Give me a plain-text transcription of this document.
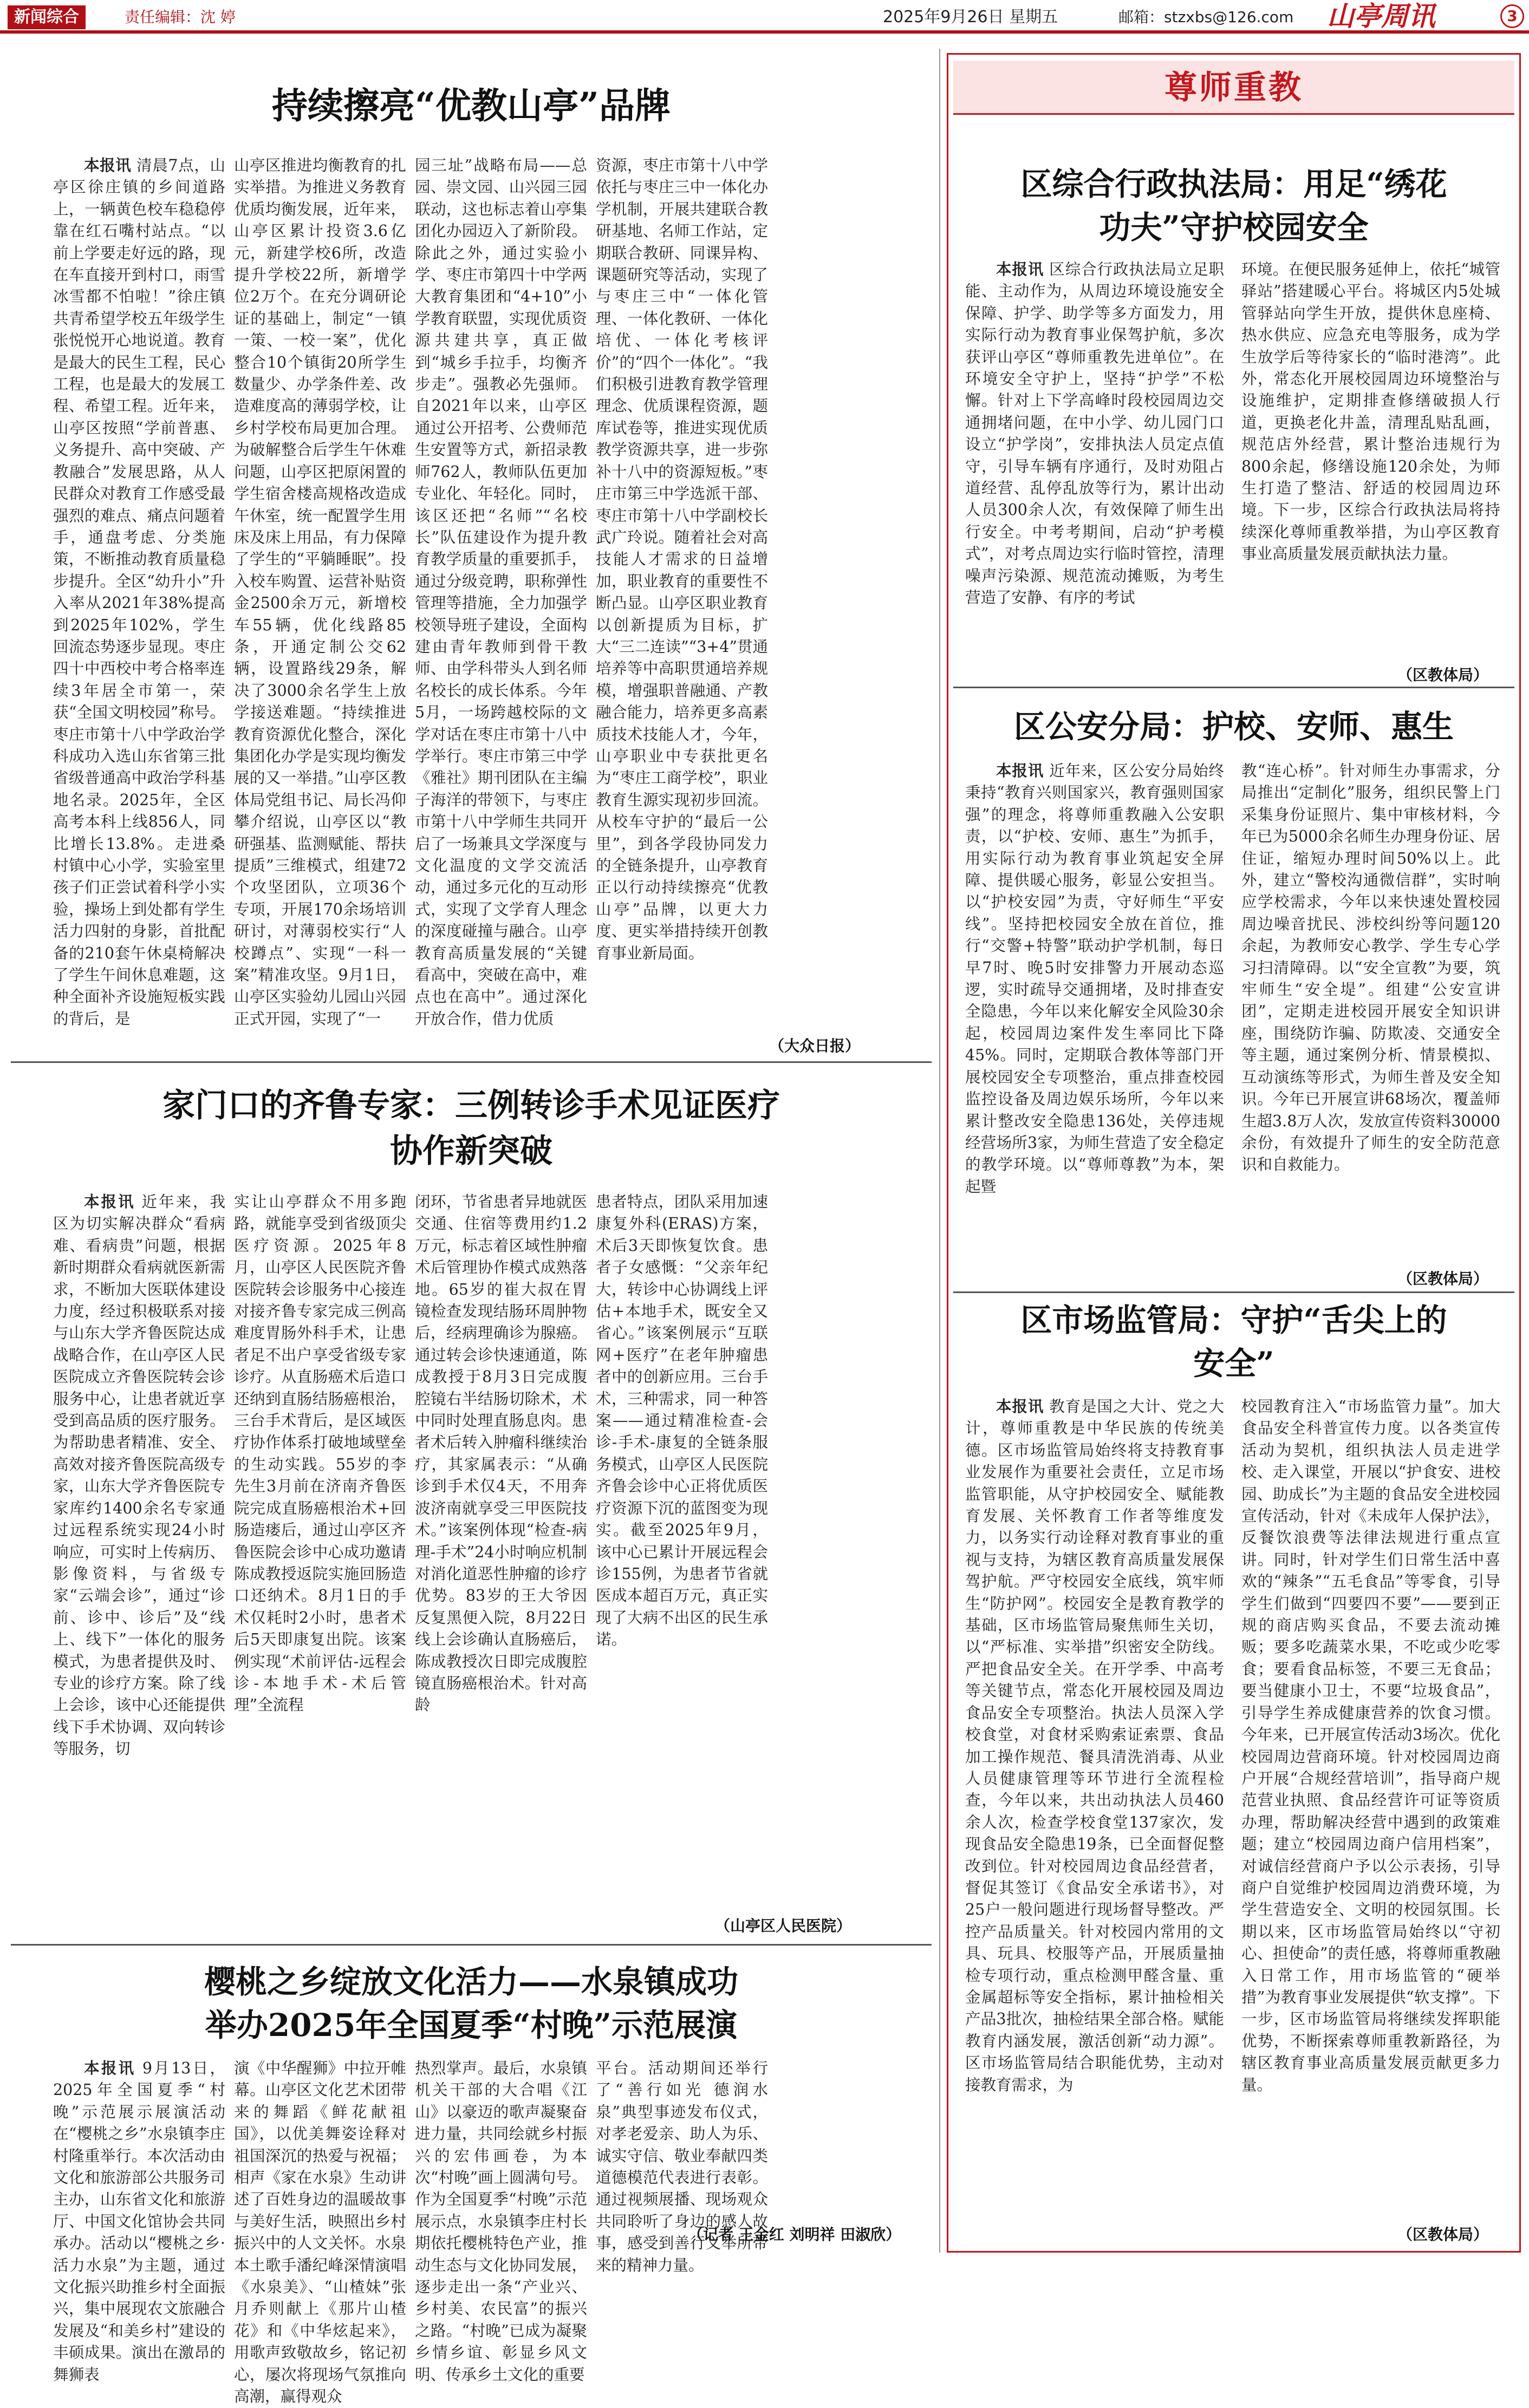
新闻综合	责任编辑：沈 婷	2025年9月26日 星期五	邮箱：stzxbs@126.com 山亭周讯	3
持续擦亮“优教山亭”品牌

本报讯 清晨7点，山亭区徐庄镇的乡间道路上，一辆黄色校车稳稳停靠在红石嘴村站点。“以前上学要走好远的路，现在车直接开到村口，雨雪冰雪都不怕啦！”徐庄镇共青希望学校五年级学生张悦悦开心地说道。教育是最大的民生工程，民心工程，也是最大的发展工程、希望工程。近年来，山亭区按照“学前普惠、义务提升、高中突破、产教融合”发展思路，从人民群众对教育工作感受最强烈的难点、痛点问题着手，通盘考虑、分类施策，不断推动教育质量稳步提升。全区“幼升小”升入率从2021年38%提高到2025年102%，学生回流态势逐步显现。枣庄四十中西校中考合格率连续3年居全市第一，荣获“全国文明校园”称号。枣庄市第十八中学政治学科成功入选山东省第三批省级普通高中政治学科基地名录。2025年，全区高考本科上线856人，同比增长13.8%。走进桑村镇中心小学，实验室里孩子们正尝试着科学小实验，操场上到处都有学生活力四射的身影，首批配备的210套午休桌椅解决了学生午间休息难题，这种全面补齐设施短板实践的背后，是

山亭区推进均衡教育的扎实举措。为推进义务教育优质均衡发展，近年来，山亭区累计投资3.6亿元，新建学校6所，改造提升学校22所，新增学位2万个。在充分调研论证的基础上，制定“一镇一策、一校一案”，优化整合10个镇街20所学生数量少、办学条件差、改造难度高的薄弱学校，让乡村学校布局更加合理。为破解整合后学生午休难问题，山亭区把原闲置的学生宿舍楼高规格改造成午休室，统一配置学生用床及床上用品，有力保障了学生的“平躺睡眠”。投入校车购置、运营补贴资金2500余万元，新增校车55辆，优化线路85条，开通定制公交62辆，设置路线29条，解决了3000余名学生上放学接送难题。“持续推进教育资源优化整合，深化集团化办学是实现均衡发展的又一举措。”山亭区教体局党组书记、局长冯仰攀介绍说，山亭区以“教研强基、监测赋能、帮扶提质”三维模式，组建72个攻坚团队，立项36个专项，开展170余场培训研讨，对薄弱校实行“人校蹲点”、实现“一科一案”精准攻坚。9月1日，山亭区实验幼儿园山兴园正式开园，实现了“一

园三址”战略布局——总园、崇文园、山兴园三园联动，这也标志着山亭集团化办园迈入了新阶段。除此之外，通过实验小学、枣庄市第四十中学两大教育集团和“4+10”小学教育联盟，实现优质资源共建共享，真正做到“城乡手拉手，均衡齐步走”。强教必先强师。自2021年以来，山亭区通过公开招考、公费师范生安置等方式，新招录教师762人，教师队伍更加专业化、年轻化。同时，该区还把“名师”“名校长”队伍建设作为提升教育教学质量的重要抓手，通过分级竞聘，职称弹性管理等措施，全力加强学校领导班子建设，全面构建由青年教师到骨干教师、由学科带头人到名师名校长的成长体系。今年5月，一场跨越校际的文学对话在枣庄市第十八中学举行。枣庄市第三中学《雅社》期刊团队在主编子海洋的带领下，与枣庄市第十八中学师生共同开启了一场兼具文学深度与文化温度的文学交流活动，通过多元化的互动形式，实现了文学育人理念的深度碰撞与融合。山亭教育高质量发展的“关键看高中，突破在高中，难点也在高中”。通过深化开放合作，借力优质

资源，枣庄市第十八中学依托与枣庄三中一体化办学机制，开展共建联合教研基地、名师工作站，定期联合教研、同课异构、课题研究等活动，实现了与枣庄三中“一体化管理、一体化教研、一体化培优、一体化考核评价”的“四个一体化”。“我们积极引进教育教学管理理念、优质课程资源，题库试卷等，推进实现优质教学资源共享，进一步弥补十八中的资源短板。”枣庄市第三中学选派干部、枣庄市第十八中学副校长武广玲说。随着社会对高技能人才需求的日益增加，职业教育的重要性不断凸显。山亭区职业教育以创新提质为目标，扩大“三二连读”“3+4”贯通培养等中高职贯通培养规模，增强职普融通、产教融合能力，培养更多高素质技术技能人才，今年，山亭职业中专获批更名为“枣庄工商学校”，职业教育生源实现初步回流。从校车守护的“最后一公里”，到各学段协同发力的全链条提升，山亭教育正以行动持续擦亮“优教山亭”品牌，以更大力度、更实举措持续开创教育事业新局面。

（大众日报）
家门口的齐鲁专家：三例转诊手术见证医疗
协作新突破

本报讯 近年来，我区为切实解决群众“看病难、看病贵”问题，根据新时期群众看病就医新需求，不断加大医联体建设力度，经过积极联系对接与山东大学齐鲁医院达成战略合作，在山亭区人民医院成立齐鲁医院转会诊服务中心，让患者就近享受到高品质的医疗服务。为帮助患者精准、安全、高效对接齐鲁医院高级专家，山东大学齐鲁医院专家库约1400余名专家通过远程系统实现24小时响应，可实时上传病历、影像资料，与省级专家“云端会诊”，通过“诊前、诊中、诊后”及“线上、线下”一体化的服务模式，为患者提供及时、专业的诊疗方案。除了线上会诊，该中心还能提供线下手术协调、双向转诊等服务，切

实让山亭群众不用多跑路，就能享受到省级顶尖医疗资源。2025年8月，山亭区人民医院齐鲁医院转会诊服务中心接连对接齐鲁专家完成三例高难度胃肠外科手术，让患者足不出户享受省级专家诊疗。从直肠癌术后造口还纳到直肠结肠癌根治，三台手术背后，是区域医疗协作体系打破地域壁垒的生动实践。55岁的李先生3月前在济南齐鲁医院完成直肠癌根治术+回肠造瘘后，通过山亭区齐鲁医院会诊中心成功邀请陈成教授返院实施回肠造口还纳术。8月1日的手术仅耗时2小时，患者术后5天即康复出院。该案例实现“术前评估-远程会诊-本地手术-术后管理”全流程

闭环，节省患者异地就医交通、住宿等费用约1.2万元，标志着区域性肿瘤术后管理协作模式成熟落地。65岁的崔大叔在胃镜检查发现结肠环周肿物后，经病理确诊为腺癌。通过转会诊快速通道，陈成教授于8月3日完成腹腔镜右半结肠切除术，术中同时处理直肠息肉。患者术后转入肿瘤科继续治疗，其家属表示：“从确诊到手术仅4天，不用奔波济南就享受三甲医院技术。”该案例体现“检查-病理-手术”24小时响应机制对消化道恶性肿瘤的诊疗优势。83岁的王大爷因反复黑便入院，8月22日线上会诊确认直肠癌后，陈成教授次日即完成腹腔镜直肠癌根治术。针对高龄

患者特点，团队采用加速康复外科(ERAS)方案，术后3天即恢复饮食。患者子女感慨：“父亲年纪大，转诊中心协调线上评估+本地手术，既安全又省心。”该案例展示“互联网+医疗”在老年肿瘤患者中的创新应用。三台手术，三种需求，同一种答案——通过精准检查-会诊-手术-康复的全链条服务模式，山亭区人民医院齐鲁会诊中心正将优质医疗资源下沉的蓝图变为现实。截至2025年9月，该中心已累计开展远程会诊155例，为患者节省就医成本超百万元，真正实现了大病不出区的民生承诺。

（山亭区人民医院）
樱桃之乡绽放文化活力——水泉镇成功
举办2025年全国夏季“村晚”示范展演

本报讯 9月13日，2025年全国夏季“村晚”示范展示展演活动在“樱桃之乡”水泉镇李庄村隆重举行。本次活动由文化和旅游部公共服务司主办，山东省文化和旅游厅、中国文化馆协会共同承办。活动以“樱桃之乡·活力水泉”为主题，通过文化振兴助推乡村全面振兴，集中展现农文旅融合发展及“和美乡村”建设的丰硕成果。演出在激昂的舞狮表

演《中华醒狮》中拉开帷幕。山亭区文化艺术团带来的舞蹈《鲜花献祖国》，以优美舞姿诠释对祖国深沉的热爱与祝福；相声《家在水泉》生动讲述了百姓身边的温暖故事与美好生活，映照出乡村振兴中的人文关怀。水泉本土歌手潘纪峰深情演唱《水泉美》、“山楂妹”张月乔则献上《那片山楂花》和《中华炫起来》，用歌声致敬故乡，铭记初心，屡次将现场气氛推向高潮，赢得观众

热烈掌声。最后，水泉镇机关干部的大合唱《江山》以豪迈的歌声凝聚奋进力量，共同绘就乡村振兴的宏伟画卷，为本次“村晚”画上圆满句号。作为全国夏季“村晚”示范展示点，水泉镇李庄村长期依托樱桃特色产业，推动生态与文化协同发展，逐步走出一条“产业兴、乡村美、农民富”的振兴之路。“村晚”已成为凝聚乡情乡谊、彰显乡风文明、传承乡土文化的重要

平台。活动期间还举行了“善行如光 德润水泉”典型事迹发布仪式，对孝老爱亲、助人为乐、诚实守信、敬业奉献四类道德模范代表进行表彰。通过视频展播、现场观众共同聆听了身边的感人故事，感受到善行义举所带来的精神力量。

（记者 王金红 刘明祥 田淑欣）
尊师重教
区综合行政执法局：用足“绣花
功夫”守护校园安全

本报讯 区综合行政执法局立足职能、主动作为，从周边环境设施安全保障、护学、助学等多方面发力，用实际行动为教育事业保驾护航，多次获评山亭区“尊师重教先进单位”。在环境安全守护上，坚持“护学”不松懈。针对上下学高峰时段校园周边交通拥堵问题，在中小学、幼儿园门口设立“护学岗”，安排执法人员定点值守，引导车辆有序通行，及时劝阻占道经营、乱停乱放等行为，累计出动人员300余人次，有效保障了师生出行安全。中考考期间，启动“护考模式”，对考点周边实行临时管控，清理噪声污染源、规范流动摊贩，为考生营造了安静、有序的考试

环境。在便民服务延伸上，依托“城管驿站”搭建暖心平台。将城区内5处城管驿站向学生开放，提供休息座椅、热水供应、应急充电等服务，成为学生放学后等待家长的“临时港湾”。此外，常态化开展校园周边环境整治与设施维护，定期排查修缮破损人行道，更换老化井盖，清理乱贴乱画，规范店外经营，累计整治违规行为800余起，修缮设施120余处，为师生打造了整洁、舒适的校园周边环境。下一步，区综合行政执法局将持续深化尊师重教举措，为山亭区教育事业高质量发展贡献执法力量。

（区教体局）
区公安分局：护校、安师、惠生

本报讯 近年来，区公安分局始终秉持“教育兴则国家兴，教育强则国家强”的理念，将尊师重教融入公安职责，以“护校、安师、惠生”为抓手，用实际行动为教育事业筑起安全屏障、提供暖心服务，彰显公安担当。以“护校安园”为责，守好师生“平安线”。坚持把校园安全放在首位，推行“交警+特警”联动护学机制，每日早7时、晚5时安排警力开展动态巡逻，实时疏导交通拥堵，及时排查安全隐患，今年以来化解安全风险30余起，校园周边案件发生率同比下降45%。同时，定期联合教体等部门开展校园安全专项整治，重点排查校园监控设备及周边娱乐场所，今年以来累计整改安全隐患136处，关停违规经营场所3家，为师生营造了安全稳定的教学环境。以“尊师尊教”为本，架起暨

教“连心桥”。针对师生办事需求，分局推出“定制化”服务，组织民警上门采集身份证照片、集中审核材料，今年已为5000余名师生办理身份证、居住证，缩短办理时间50%以上。此外，建立“警校沟通微信群”，实时响应学校需求，今年以来快速处置校园周边噪音扰民、涉校纠纷等问题120余起，为教师安心教学、学生专心学习扫清障碍。以“安全宣教”为要，筑牢师生“安全堤”。组建“公安宣讲团”，定期走进校园开展安全知识讲座，围绕防诈骗、防欺凌、交通安全等主题，通过案例分析、情景模拟、互动演练等形式，为师生普及安全知识。今年已开展宣讲68场次，覆盖师生超3.8万人次，发放宣传资料30000余份，有效提升了师生的安全防范意识和自救能力。

（区教体局）
区市场监管局：守护“舌尖上的
安全”

本报讯 教育是国之大计、党之大计，尊师重教是中华民族的传统美德。区市场监管局始终将支持教育事业发展作为重要社会责任，立足市场监管职能，从守护校园安全、赋能教育发展、关怀教育工作者等维度发力，以务实行动诠释对教育事业的重视与支持，为辖区教育高质量发展保驾护航。严守校园安全底线，筑牢师生“防护网”。校园安全是教育教学的基础，区市场监管局聚焦师生关切，以“严标准、实举措”织密安全防线。严把食品安全关。在开学季、中高考等关键节点，常态化开展校园及周边食品安全专项整治。执法人员深入学校食堂，对食材采购索证索票、食品加工操作规范、餐具清洗消毒、从业人员健康管理等环节进行全流程检查，今年以来，共出动执法人员460余人次，检查学校食堂137家次，发现食品安全隐患19条，已全面督促整改到位。针对校园周边食品经营者，督促其签订《食品安全承诺书》，对25户一般问题进行现场督导整改。严控产品质量关。针对校园内常用的文具、玩具、校服等产品，开展质量抽检专项行动，重点检测甲醛含量、重金属超标等安全指标，累计抽检相关产品3批次，抽检结果全部合格。赋能教育内涵发展，激活创新“动力源”。区市场监管局结合职能优势，主动对接教育需求，为

校园教育注入“市场监管力量”。加大食品安全科普宣传力度。以各类宣传活动为契机，组织执法人员走进学校、走入课堂，开展以“护食安、进校园、助成长”为主题的食品安全进校园宣传活动，针对《未成年人保护法》，反餐饮浪费等法律法规进行重点宣讲。同时，针对学生们日常生活中喜欢的“辣条”“五毛食品”等零食，引导学生们做到“四要四不要”——要到正规的商店购买食品，不要去流动摊贩；要多吃蔬菜水果，不吃或少吃零食；要看食品标签，不要三无食品；要当健康小卫士，不要“垃圾食品”，引导学生养成健康营养的饮食习惯。今年来，已开展宣传活动3场次。优化校园周边营商环境。针对校园周边商户开展“合规经营培训”，指导商户规范营业执照、食品经营许可证等资质办理，帮助解决经营中遇到的政策难题；建立“校园周边商户信用档案”，对诚信经营商户予以公示表扬，引导商户自觉维护校园周边消费环境，为学生营造安全、文明的校园氛围。长期以来，区市场监管局始终以“守初心、担使命”的责任感，将尊师重教融入日常工作，用市场监管的“硬举措”为教育事业发展提供“软支撑”。下一步，区市场监管局将继续发挥职能优势，不断探索尊师重教新路径，为辖区教育事业高质量发展贡献更多力量。

（区教体局）
